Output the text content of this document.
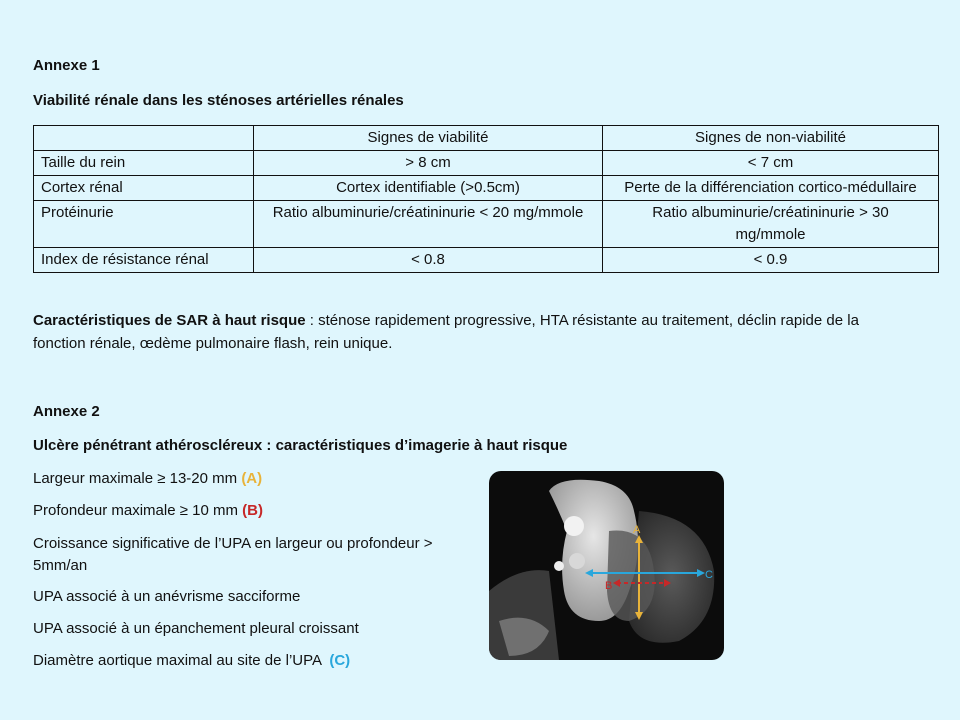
Annexe 1
Viabilité rénale dans les sténoses artérielles rénales
	Signes de viabilité	Signes de non-viabilité
Taille du rein	> 8 cm	< 7 cm
Cortex rénal	Cortex identifiable (>0.5cm)	Perte de la différenciation cortico-médullaire
Protéinurie	Ratio albuminurie/créatininurie < 20 mg/mmole	Ratio albuminurie/créatininurie > 30 mg/mmole
Index de résistance rénal	< 0.8	< 0.9
Caractéristiques de SAR à haut risque : sténose rapidement progressive, HTA résistante au traitement, déclin rapide de la fonction rénale, œdème pulmonaire flash, rein unique.
Annexe 2
Ulcère pénétrant athéroscléreux : caractéristiques d’imagerie à haut risque
Largeur maximale ≥ 13-20 mm (A)
Profondeur maximale ≥ 10 mm (B)
Croissance significative de l’UPA en largeur ou profondeur > 5mm/an
UPA associé à un anévrisme sacciforme
UPA associé à un épanchement pleural croissant
Diamètre aortique maximal au site de l’UPA (C)
A
B
C
